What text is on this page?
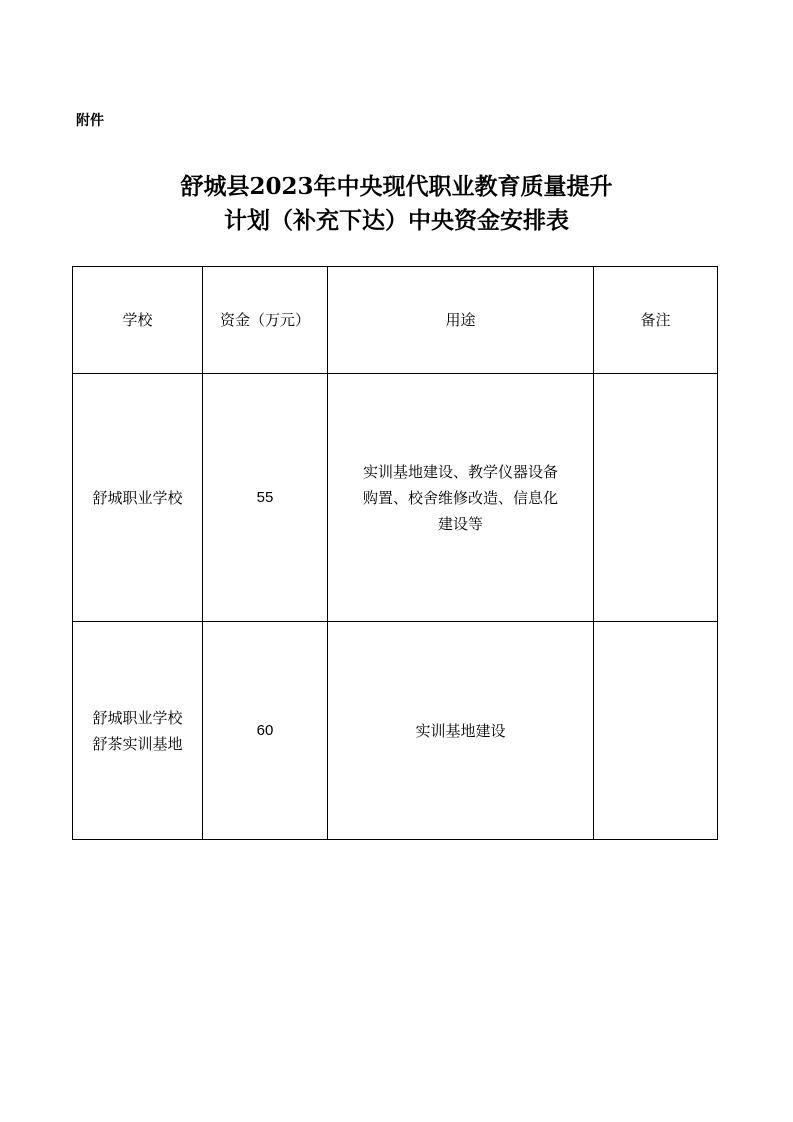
附件
舒城县2023年中央现代职业教育质量提升
计划（补充下达）中央资金安排表
学校	资金（万元）	用途	备注

舒城职业学校	55	实训基地建设、教学仪器设备
购置、校舍维修改造、信息化
建设等	

舒城职业学校
舒茶实训基地	60	实训基地建设	
